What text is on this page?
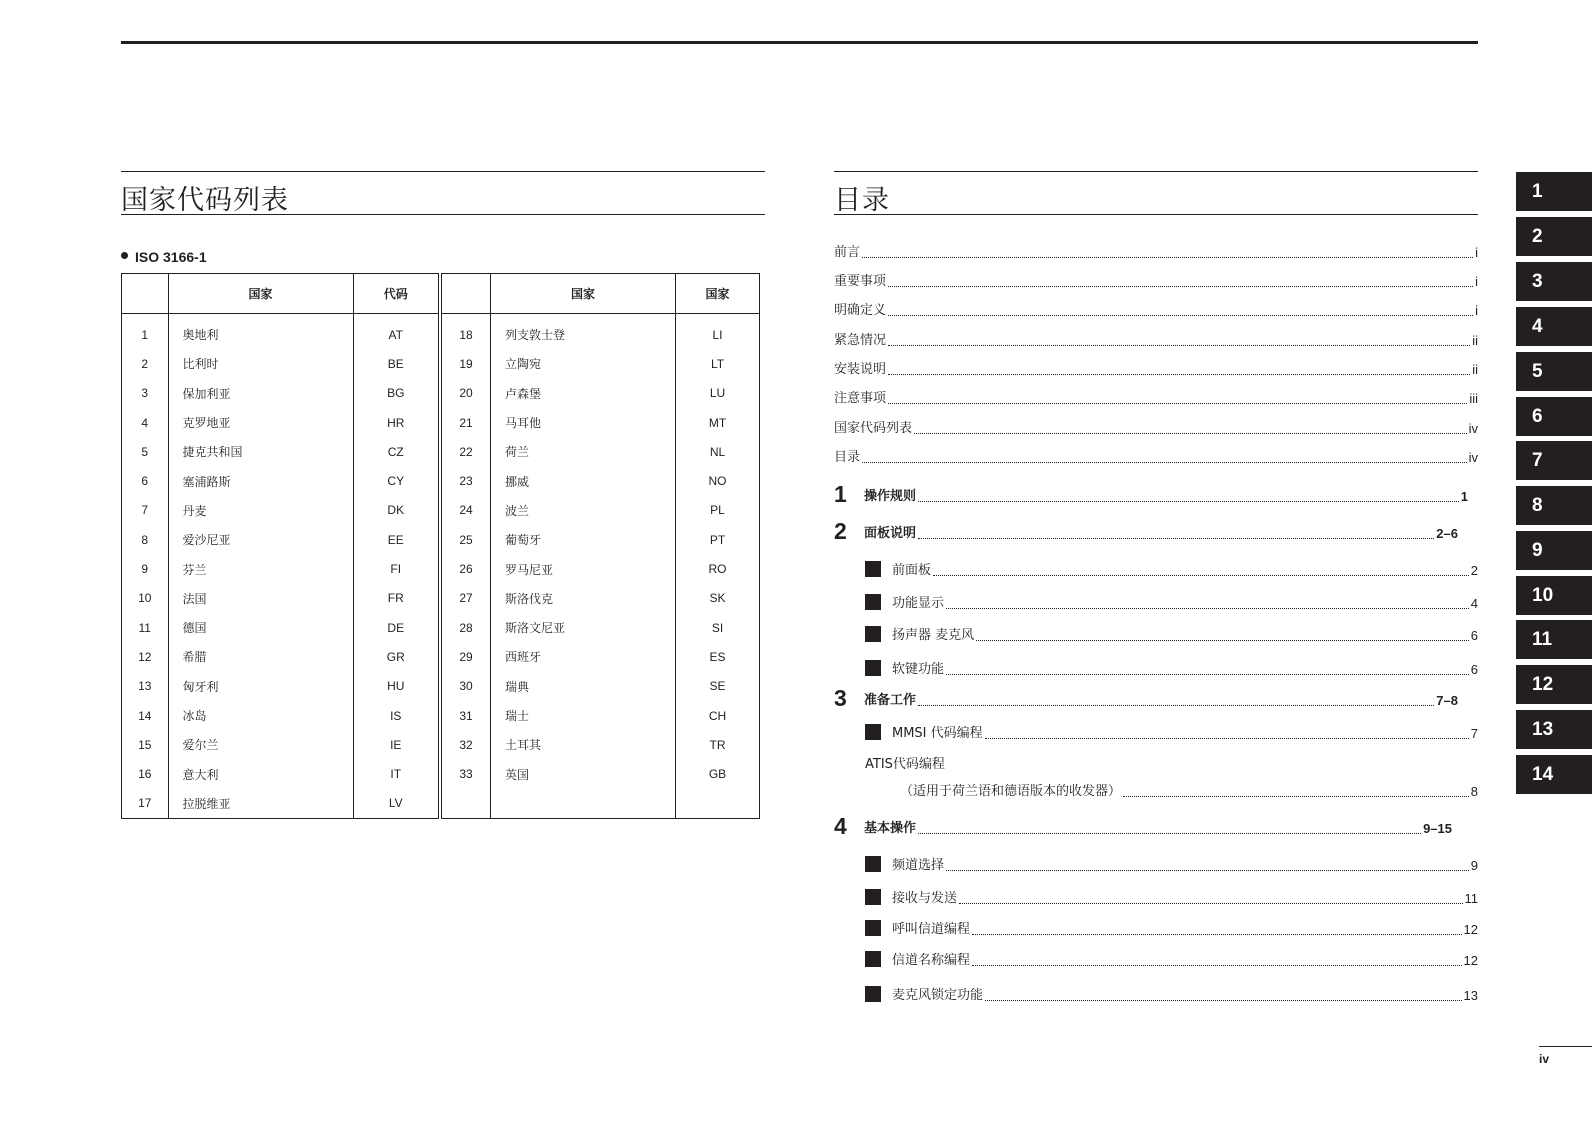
国家代码列表
ISO 3166-1
	国家	代码		国家	国家
1	奥地利	AT	18	列支敦士登	LI
2	比利时	BE	19	立陶宛	LT
3	保加利亚	BG	20	卢森堡	LU
4	克罗地亚	HR	21	马耳他	MT
5	捷克共和国	CZ	22	荷兰	NL
6	塞浦路斯	CY	23	挪威	NO
7	丹麦	DK	24	波兰	PL
8	爱沙尼亚	EE	25	葡萄牙	PT
9	芬兰	FI	26	罗马尼亚	RO
10	法国	FR	27	斯洛伐克	SK
11	德国	DE	28	斯洛文尼亚	SI
12	希腊	GR	29	西班牙	ES
13	匈牙利	HU	30	瑞典	SE
14	冰岛	IS	31	瑞士	CH
15	爱尔兰	IE	32	土耳其	TR
16	意大利	IT	33	英国	GB
17	拉脱维亚	LV			
目录
前言	i
重要事项	i
明确定义	i
紧急情况	ii
安装说明	ii
注意事项	iii
国家代码列表	iv
目录	iv
1	操作规则	1
2	面板说明	2–6
前面板	2
功能显示	4
扬声器 麦克风	6
软键功能	6
3	准备工作	7–8
MMSI 代码编程	7
ATIS代码编程
（适用于荷兰语和德语版本的收发器）	8
4	基本操作	9–15
频道选择	9
接收与发送	11
呼叫信道编程	12
信道名称编程	12
麦克风锁定功能	13
1
2
3
4
5
6
7
8
9
10
11
12
13
14
iv
